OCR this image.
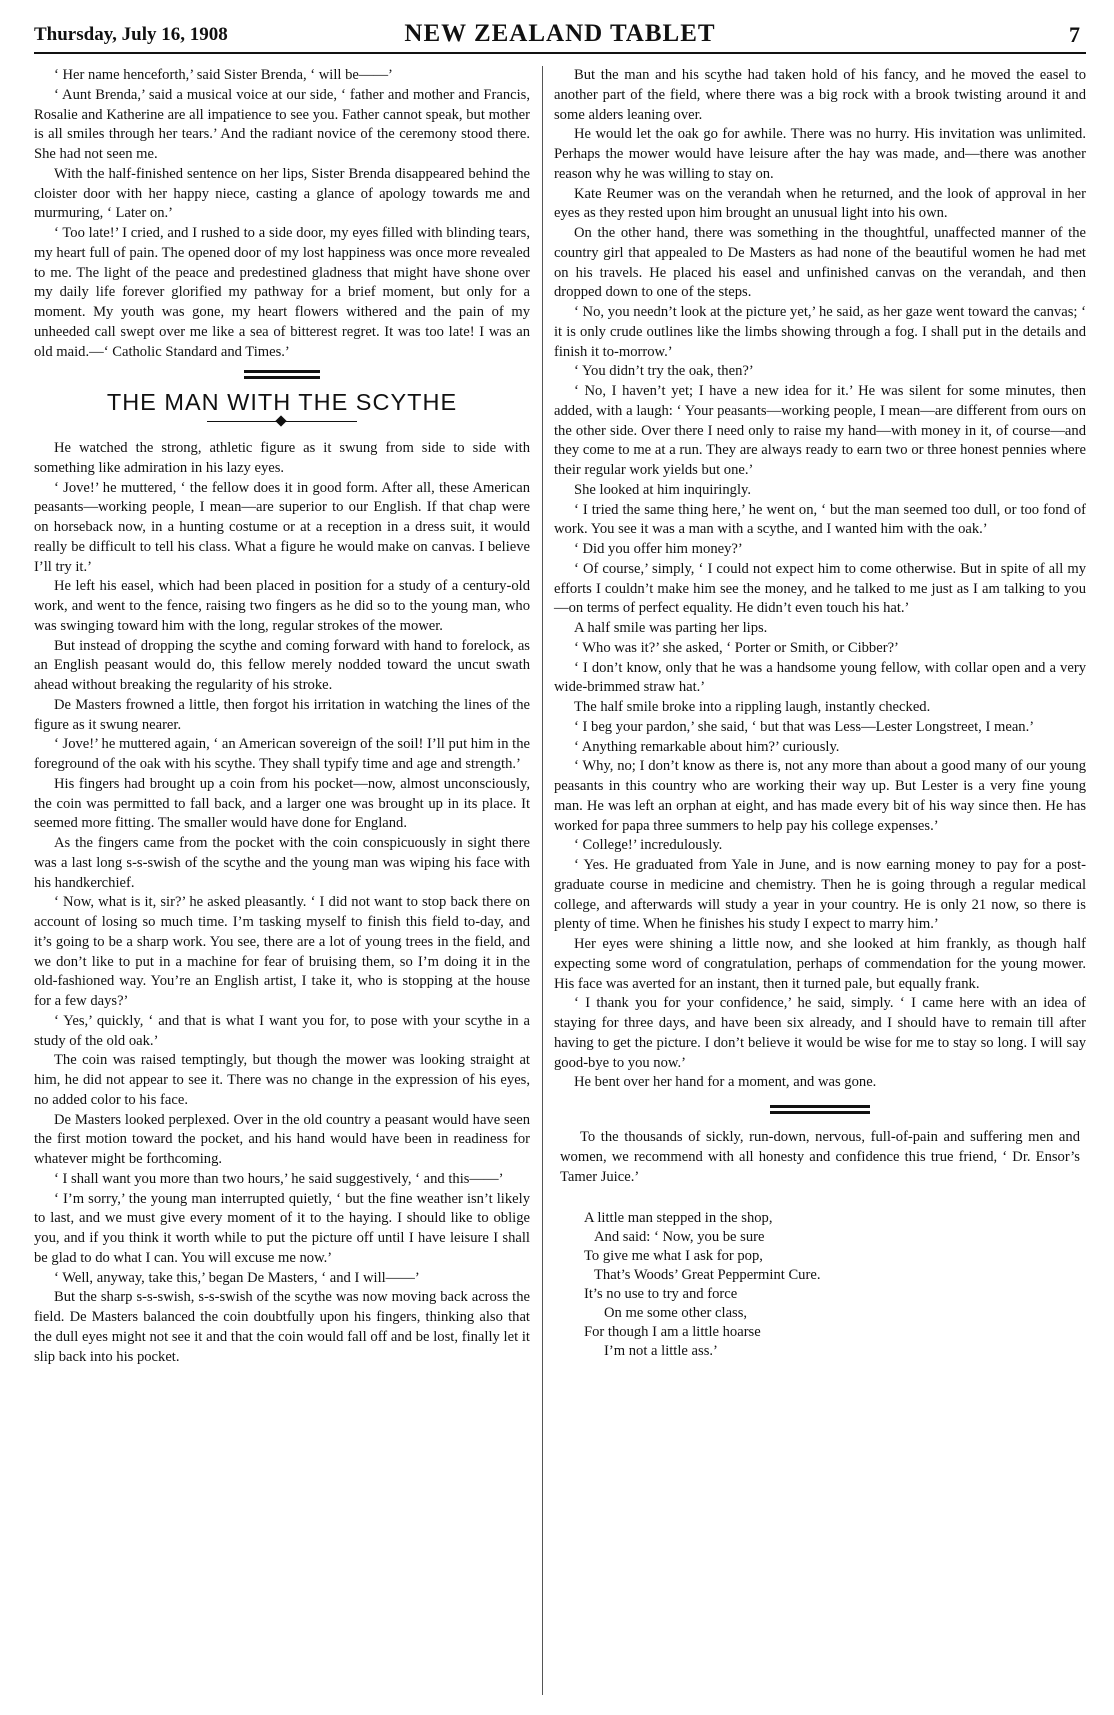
Thursday, July 16, 1908	NEW ZEALAND TABLET	7

‘ Her name henceforth,’ said Sister Brenda, ‘ will be——’

‘ Aunt Brenda,’ said a musical voice at our side, ‘ father and mother and Francis, Rosalie and Katherine are all impatience to see you. Father cannot speak, but mother is all smiles through her tears.’ And the radiant novice of the ceremony stood there. She had not seen me.

With the half-finished sentence on her lips, Sister Brenda disappeared behind the cloister door with her happy niece, casting a glance of apology towards me and murmuring, ‘ Later on.’

‘ Too late!’ I cried, and I rushed to a side door, my eyes filled with blinding tears, my heart full of pain. The opened door of my lost happiness was once more revealed to me. The light of the peace and predestined gladness that might have shone over my daily life forever glorified my pathway for a brief moment, but only for a moment. My youth was gone, my heart flowers withered and the pain of my unheeded call swept over me like a sea of bitterest regret. It was too late! I was an old maid.—‘ Catholic Standard and Times.’

THE MAN WITH THE SCYTHE

He watched the strong, athletic figure as it swung from side to side with something like admiration in his lazy eyes.

‘ Jove!’ he muttered, ‘ the fellow does it in good form. After all, these American peasants—working people, I mean—are superior to our English. If that chap were on horseback now, in a hunting costume or at a reception in a dress suit, it would really be difficult to tell his class. What a figure he would make on canvas. I believe I’ll try it.’

He left his easel, which had been placed in position for a study of a century-old work, and went to the fence, raising two fingers as he did so to the young man, who was swinging toward him with the long, regular strokes of the mower.

But instead of dropping the scythe and coming forward with hand to forelock, as an English peasant would do, this fellow merely nodded toward the uncut swath ahead without breaking the regularity of his stroke.

De Masters frowned a little, then forgot his irritation in watching the lines of the figure as it swung nearer.

‘ Jove!’ he muttered again, ‘ an American sovereign of the soil! I’ll put him in the foreground of the oak with his scythe. They shall typify time and age and strength.’

His fingers had brought up a coin from his pocket—now, almost unconsciously, the coin was permitted to fall back, and a larger one was brought up in its place. It seemed more fitting. The smaller would have done for England.

As the fingers came from the pocket with the coin conspicuously in sight there was a last long s-s-swish of the scythe and the young man was wiping his face with his handkerchief.

‘ Now, what is it, sir?’ he asked pleasantly. ‘ I did not want to stop back there on account of losing so much time. I’m tasking myself to finish this field to-day, and it’s going to be a sharp work. You see, there are a lot of young trees in the field, and we don’t like to put in a machine for fear of bruising them, so I’m doing it in the old-fashioned way. You’re an English artist, I take it, who is stopping at the house for a few days?’

‘ Yes,’ quickly, ‘ and that is what I want you for, to pose with your scythe in a study of the old oak.’

The coin was raised temptingly, but though the mower was looking straight at him, he did not appear to see it. There was no change in the expression of his eyes, no added color to his face.

De Masters looked perplexed. Over in the old country a peasant would have seen the first motion toward the pocket, and his hand would have been in readiness for whatever might be forthcoming.

‘ I shall want you more than two hours,’ he said suggestively, ‘ and this——’

‘ I’m sorry,’ the young man interrupted quietly, ‘ but the fine weather isn’t likely to last, and we must give every moment of it to the haying. I should like to oblige you, and if you think it worth while to put the picture off until I have leisure I shall be glad to do what I can. You will excuse me now.’

‘ Well, anyway, take this,’ began De Masters, ‘ and I will——’

But the sharp s-s-swish, s-s-swish of the scythe was now moving back across the field. De Masters balanced the coin doubtfully upon his fingers, thinking also that the dull eyes might not see it and that the coin would fall off and be lost, finally let it slip back into his pocket.

But the man and his scythe had taken hold of his fancy, and he moved the easel to another part of the field, where there was a big rock with a brook twisting around it and some alders leaning over.

He would let the oak go for awhile. There was no hurry. His invitation was unlimited. Perhaps the mower would have leisure after the hay was made, and—there was another reason why he was willing to stay on.

Kate Reumer was on the verandah when he returned, and the look of approval in her eyes as they rested upon him brought an unusual light into his own.

On the other hand, there was something in the thoughtful, unaffected manner of the country girl that appealed to De Masters as had none of the beautiful women he had met on his travels. He placed his easel and unfinished canvas on the verandah, and then dropped down to one of the steps.

‘ No, you needn’t look at the picture yet,’ he said, as her gaze went toward the canvas; ‘ it is only crude outlines like the limbs showing through a fog. I shall put in the details and finish it to-morrow.’

‘ You didn’t try the oak, then?’

‘ No, I haven’t yet; I have a new idea for it.’ He was silent for some minutes, then added, with a laugh: ‘ Your peasants—working people, I mean—are different from ours on the other side. Over there I need only to raise my hand—with money in it, of course—and they come to me at a run. They are always ready to earn two or three honest pennies where their regular work yields but one.’

She looked at him inquiringly.

‘ I tried the same thing here,’ he went on, ‘ but the man seemed too dull, or too fond of work. You see it was a man with a scythe, and I wanted him with the oak.’

‘ Did you offer him money?’

‘ Of course,’ simply, ‘ I could not expect him to come otherwise. But in spite of all my efforts I couldn’t make him see the money, and he talked to me just as I am talking to you—on terms of perfect equality. He didn’t even touch his hat.’

A half smile was parting her lips.

‘ Who was it?’ she asked, ‘ Porter or Smith, or Cibber?’

‘ I don’t know, only that he was a handsome young fellow, with collar open and a very wide-brimmed straw hat.’

The half smile broke into a rippling laugh, instantly checked.

‘ I beg your pardon,’ she said, ‘ but that was Less—Lester Longstreet, I mean.’

‘ Anything remarkable about him?’ curiously.

‘ Why, no; I don’t know as there is, not any more than about a good many of our young peasants in this country who are working their way up. But Lester is a very fine young man. He was left an orphan at eight, and has made every bit of his way since then. He has worked for papa three summers to help pay his college expenses.’

‘ College!’ incredulously.

‘ Yes. He graduated from Yale in June, and is now earning money to pay for a post-graduate course in medicine and chemistry. Then he is going through a regular medical college, and afterwards will study a year in your country. He is only 21 now, so there is plenty of time. When he finishes his study I expect to marry him.’

Her eyes were shining a little now, and she looked at him frankly, as though half expecting some word of congratulation, perhaps of commendation for the young mower. His face was averted for an instant, then it turned pale, but equally frank.

‘ I thank you for your confidence,’ he said, simply. ‘ I came here with an idea of staying for three days, and have been six already, and I should have to remain till after having to get the picture. I don’t believe it would be wise for me to stay so long. I will say good-bye to you now.’

He bent over her hand for a moment, and was gone.

To the thousands of sickly, run-down, nervous, full-of-pain and suffering men and women, we recommend with all honesty and confidence this true friend, ‘ Dr. Ensor’s Tamer Juice.’

A little man stepped in the shop,
And said: ‘ Now, you be sure
To give me what I ask for pop,
That’s Woods’ Great Peppermint Cure.
It’s no use to try and force
On me some other class,
For though I am a little hoarse
I’m not a little ass.’
